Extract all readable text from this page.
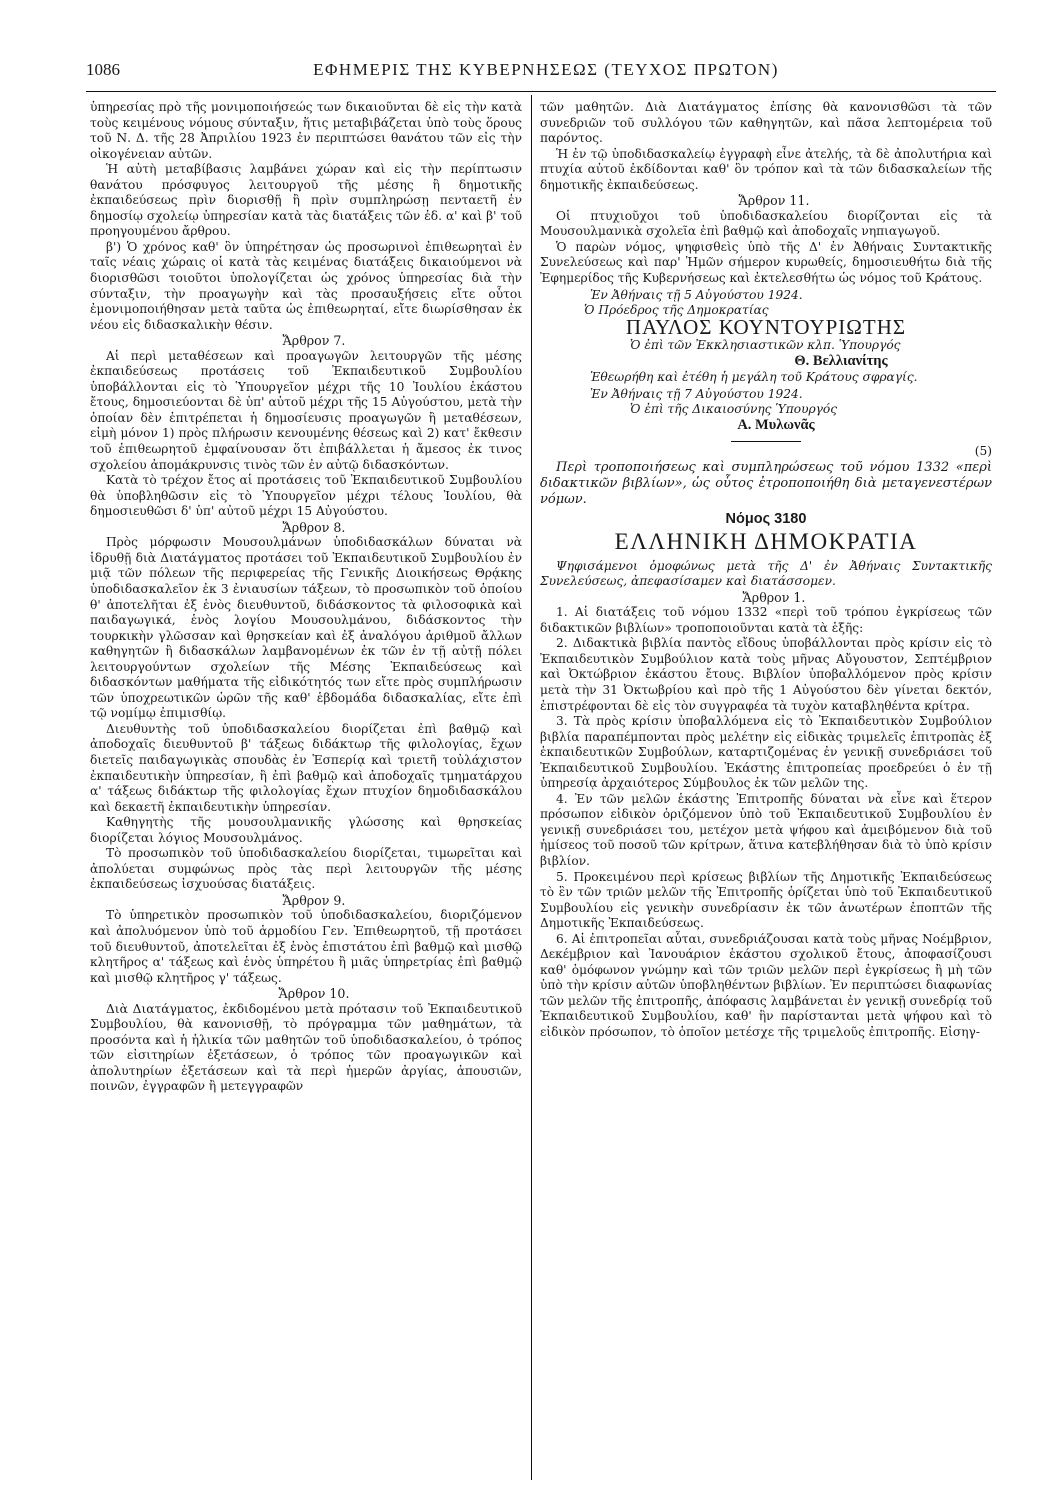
1086	ΕΦΗΜΕΡΙΣ ΤΗΣ ΚΥΒΕΡΝΗΣΕΩΣ (ΤΕΥΧΟΣ ΠΡΩΤΟΝ)

ὑπηρεσίας πρὸ τῆς μονιμοποιήσεώς των δικαιοῦνται δὲ εἰς τὴν κατὰ τοὺς κειμένους νόμους σύνταξιν, ἥτις μεταβιβάζεται ὑπὸ τοὺς ὅρους τοῦ Ν. Δ. τῆς 28 Ἀπριλίου 1923 ἐν περιπτώσει θανάτου τῶν εἰς τὴν οἰκογένειαν αὐτῶν.

Ἡ αὐτὴ μεταβίβασις λαμβάνει χώραν καὶ εἰς τὴν περίπτωσιν θανάτου πρόσφυγος λειτουργοῦ τῆς μέσης ἢ δημοτικῆς ἐκπαιδεύσεως πρὶν διορισθῇ ἢ πρὶν συμπληρώσῃ πενταετῆ ἐν δημοσίῳ σχολείῳ ὑπηρεσίαν κατὰ τὰς διατάξεις τῶν ἐδ. α' καὶ β' τοῦ προηγουμένου ἄρθρου.

β') Ὁ χρόνος καθ' ὃν ὑπηρέτησαν ὡς προσωρινοὶ ἐπιθεωρηταὶ ἐν ταῖς νέαις χώραις οἱ κατὰ τὰς κειμένας διατάξεις δικαιούμενοι νὰ διορισθῶσι τοιοῦτοι ὑπολογίζεται ὡς χρόνος ὑπηρεσίας διὰ τὴν σύνταξιν, τὴν προαγωγὴν καὶ τὰς προσαυξήσεις εἴτε οὗτοι ἐμονιμοποιήθησαν μετὰ ταῦτα ὡς ἐπιθεωρηταί, εἴτε διωρίσθησαν ἐκ νέου εἰς διδασκαλικὴν θέσιν.

Ἄρθρον 7.

Αἱ περὶ μεταθέσεων καὶ προαγωγῶν λειτουργῶν τῆς μέσης ἐκπαιδεύσεως προτάσεις τοῦ Ἐκπαιδευτικοῦ Συμβουλίου ὑποβάλλονται εἰς τὸ Ὑπουργεῖον μέχρι τῆς 10 Ἰουλίου ἑκάστου ἔτους, δημοσιεύονται δὲ ὑπ' αὐτοῦ μέχρι τῆς 15 Αὐγούστου, μετὰ τὴν ὁποίαν δὲν ἐπιτρέπεται ἡ δημοσίευσις προαγωγῶν ἢ μεταθέσεων, εἰμὴ μόνον 1) πρὸς πλήρωσιν κενουμένης θέσεως καὶ 2) κατ' ἔκθεσιν τοῦ ἐπιθεωρητοῦ ἐμφαίνουσαν ὅτι ἐπιβάλλεται ἡ ἄμεσος ἐκ τινος σχολείου ἀπομάκρυνσις τινὸς τῶν ἐν αὐτῷ διδασκόντων.

Κατὰ τὸ τρέχον ἔτος αἱ προτάσεις τοῦ Ἐκπαιδευτικοῦ Συμβουλίου θὰ ὑποβληθῶσιν εἰς τὸ Ὑπουργεῖον μέχρι τέλους Ἰουλίου, θὰ δημοσιευθῶσι δ' ὑπ' αὐτοῦ μέχρι 15 Αὐγούστου.

Ἄρθρον 8.

Πρὸς μόρφωσιν Μουσουλμάνων ὑποδιδασκάλων δύναται νὰ ἱδρυθῇ διὰ Διατάγματος προτάσει τοῦ Ἐκπαιδευτικοῦ Συμβουλίου ἐν μιᾷ τῶν πόλεων τῆς περιφερείας τῆς Γενικῆς Διοικήσεως Θρᾴκης ὑποδιδασκαλεῖον ἐκ 3 ἐνιαυσίων τάξεων, τὸ προσωπικὸν τοῦ ὁποίου θ' ἀποτελῆται ἐξ ἑνὸς διευθυντοῦ, διδάσκοντος τὰ φιλοσοφικὰ καὶ παιδαγωγικά, ἑνὸς λογίου Μουσουλμάνου, διδάσκοντος τὴν τουρκικὴν γλῶσσαν καὶ θρησκείαν καὶ ἐξ ἀναλόγου ἀριθμοῦ ἄλλων καθηγητῶν ἢ διδασκάλων λαμβανομένων ἐκ τῶν ἐν τῇ αὐτῇ πόλει λειτουργούντων σχολείων τῆς Μέσης Ἐκπαιδεύσεως καὶ διδασκόντων μαθήματα τῆς εἰδικότητός των εἴτε πρὸς συμπλήρωσιν τῶν ὑποχρεωτικῶν ὡρῶν τῆς καθ' ἑβδομάδα διδασκαλίας, εἴτε ἐπὶ τῷ νομίμῳ ἐπιμισθίῳ.

Διευθυντὴς τοῦ ὑποδιδασκαλείου διορίζεται ἐπὶ βαθμῷ καὶ ἀποδοχαῖς διευθυντοῦ β' τάξεως διδάκτωρ τῆς φιλολογίας, ἔχων διετεῖς παιδαγωγικὰς σπουδὰς ἐν Ἑσπερίᾳ καὶ τριετῆ τοὐλάχιστον ἐκπαιδευτικὴν ὑπηρεσίαν, ἢ ἐπὶ βαθμῷ καὶ ἀποδοχαῖς τμηματάρχου α' τάξεως διδάκτωρ τῆς φιλολογίας ἔχων πτυχίον δημοδιδασκάλου καὶ δεκαετῆ ἐκπαιδευτικὴν ὑπηρεσίαν.

Καθηγητὴς τῆς μουσουλμανικῆς γλώσσης καὶ θρησκείας διορίζεται λόγιος Μουσουλμάνος.

Τὸ προσωπικὸν τοῦ ὑποδιδασκαλείου διορίζεται, τιμωρεῖται καὶ ἀπολύεται συμφώνως πρὸς τὰς περὶ λειτουργῶν τῆς μέσης ἐκπαιδεύσεως ἰσχυούσας διατάξεις.

Ἄρθρον 9.

Τὸ ὑπηρετικὸν προσωπικὸν τοῦ ὑποδιδασκαλείου, διοριζόμενον καὶ ἀπολυόμενον ὑπὸ τοῦ ἁρμοδίου Γεν. Ἐπιθεωρητοῦ, τῇ προτάσει τοῦ διευθυντοῦ, ἀποτελεῖται ἐξ ἑνὸς ἐπιστάτου ἐπὶ βαθμῷ καὶ μισθῷ κλητῆρος α' τάξεως καὶ ἑνὸς ὑπηρέτου ἢ μιᾶς ὑπηρετρίας ἐπὶ βαθμῷ καὶ μισθῷ κλητῆρος γ' τάξεως.

Ἄρθρον 10.

Διὰ Διατάγματος, ἐκδιδομένου μετὰ πρότασιν τοῦ Ἐκπαιδευτικοῦ Συμβουλίου, θὰ κανονισθῇ, τὸ πρόγραμμα τῶν μαθημάτων, τὰ προσόντα καὶ ἡ ἡλικία τῶν μαθητῶν τοῦ ὑποδιδασκαλείου, ὁ τρόπος τῶν εἰσιτηρίων ἐξετάσεων, ὁ τρόπος τῶν προαγωγικῶν καὶ ἀπολυτηρίων ἐξετάσεων καὶ τὰ περὶ ἡμερῶν ἀργίας, ἀπουσιῶν, ποινῶν, ἐγγραφῶν ἢ μετεγγραφῶν

τῶν μαθητῶν. Διὰ Διατάγματος ἐπίσης θὰ κανονισθῶσι τὰ τῶν συνεδριῶν τοῦ συλλόγου τῶν καθηγητῶν, καὶ πᾶσα λεπτομέρεια τοῦ παρόντος.

Ἡ ἐν τῷ ὑποδιδασκαλείῳ ἐγγραφὴ εἶνε ἀτελής, τὰ δὲ ἀπολυτήρια καὶ πτυχία αὐτοῦ ἐκδίδονται καθ' ὃν τρόπον καὶ τὰ τῶν διδασκαλείων τῆς δημοτικῆς ἐκπαιδεύσεως.

Ἄρθρον 11.

Οἱ πτυχιοῦχοι τοῦ ὑποδιδασκαλείου διορίζονται εἰς τὰ Μουσουλμανικὰ σχολεῖα ἐπὶ βαθμῷ καὶ ἀποδοχαῖς νηπιαγωγοῦ.

Ὁ παρὼν νόμος, ψηφισθεὶς ὑπὸ τῆς Δ' ἐν Ἀθήναις Συντακτικῆς Συνελεύσεως καὶ παρ' Ἡμῶν σήμερον κυρωθείς, δημοσιευθήτω διὰ τῆς Ἐφημερίδος τῆς Κυβερνήσεως καὶ ἐκτελεσθήτω ὡς νόμος τοῦ Κράτους.

Ἐν Ἀθήναις τῇ 5 Αὐγούστου 1924.
Ὁ Πρόεδρος τῆς Δημοκρατίας
ΠΑΥΛΟΣ ΚΟΥΝΤΟΥΡΙΩΤΗΣ
Ὁ ἐπὶ τῶν Ἐκκλησιαστικῶν κλπ. Ὑπουργός
Θ. Βελλιανίτης
Ἐθεωρήθη καὶ ἐτέθη ἡ μεγάλη τοῦ Κράτους σφραγίς.
Ἐν Ἀθήναις τῇ 7 Αὐγούστου 1924.
Ὁ ἐπὶ τῆς Δικαιοσύνης Ὑπουργός
Α. Μυλωνᾶς

(5)

Περὶ τροποποιήσεως καὶ συμπληρώσεως τοῦ νόμου 1332 «περὶ διδακτικῶν βιβλίων», ὡς οὗτος ἐτροποποιήθη διὰ μεταγενεστέρων νόμων.

Νόμος 3180
ΕΛΛΗΝΙΚΗ ΔΗΜΟΚΡΑΤΙΑ

Ψηφισάμενοι ὁμοφώνως μετὰ τῆς Δ' ἐν Ἀθήναις Συντακτικῆς Συνελεύσεως, ἀπεφασίσαμεν καὶ διατάσσομεν.

Ἄρθρον 1.

1. Αἱ διατάξεις τοῦ νόμου 1332 «περὶ τοῦ τρόπου ἐγκρίσεως τῶν διδακτικῶν βιβλίων» τροποποιοῦνται κατὰ τὰ ἑξῆς:

2. Διδακτικὰ βιβλία παντὸς εἴδους ὑποβάλλονται πρὸς κρίσιν εἰς τὸ Ἐκπαιδευτικὸν Συμβούλιον κατὰ τοὺς μῆνας Αὔγουστον, Σεπτέμβριον καὶ Ὀκτώβριον ἑκάστου ἔτους. Βιβλίον ὑποβαλλόμενον πρὸς κρίσιν μετὰ τὴν 31 Ὀκτωβρίου καὶ πρὸ τῆς 1 Αὐγούστου δὲν γίνεται δεκτόν, ἐπιστρέφονται δὲ εἰς τὸν συγγραφέα τὰ τυχὸν καταβληθέντα κρίτρα.

3. Τὰ πρὸς κρίσιν ὑποβαλλόμενα εἰς τὸ Ἐκπαιδευτικὸν Συμβούλιον βιβλία παραπέμπονται πρὸς μελέτην εἰς εἰδικὰς τριμελεῖς ἐπιτροπὰς ἐξ ἐκπαιδευτικῶν Συμβούλων, καταρτιζομένας ἐν γενικῇ συνεδριάσει τοῦ Ἐκπαιδευτικοῦ Συμβουλίου. Ἑκάστης ἐπιτροπείας προεδρεύει ὁ ἐν τῇ ὑπηρεσίᾳ ἀρχαιότερος Σύμβουλος ἐκ τῶν μελῶν της.

4. Ἐν τῶν μελῶν ἑκάστης Ἐπιτροπῆς δύναται νὰ εἶνε καὶ ἕτερον πρόσωπον εἰδικὸν ὁριζόμενον ὑπὸ τοῦ Ἐκπαιδευτικοῦ Συμβουλίου ἐν γενικῇ συνεδριάσει του, μετέχον μετὰ ψήφου καὶ ἀμειβόμενον διὰ τοῦ ἡμίσεος τοῦ ποσοῦ τῶν κρίτρων, ἅτινα κατεβλήθησαν διὰ τὸ ὑπὸ κρίσιν βιβλίον.

5. Προκειμένου περὶ κρίσεως βιβλίων τῆς Δημοτικῆς Ἐκπαιδεύσεως τὸ ἓν τῶν τριῶν μελῶν τῆς Ἐπιτροπῆς ὁρίζεται ὑπὸ τοῦ Ἐκπαιδευτικοῦ Συμβουλίου εἰς γενικὴν συνεδρίασιν ἐκ τῶν ἀνωτέρων ἐποπτῶν τῆς Δημοτικῆς Ἐκπαιδεύσεως.

6. Αἱ ἐπιτροπεῖαι αὗται, συνεδριάζουσαι κατὰ τοὺς μῆνας Νοέμβριον, Δεκέμβριον καὶ Ἰανουάριον ἑκάστου σχολικοῦ ἔτους, ἀποφασίζουσι καθ' ὁμόφωνον γνώμην καὶ τῶν τριῶν μελῶν περὶ ἐγκρίσεως ἢ μὴ τῶν ὑπὸ τὴν κρίσιν αὐτῶν ὑποβληθέντων βιβλίων. Ἐν περιπτώσει διαφωνίας τῶν μελῶν τῆς ἐπιτροπῆς, ἀπόφασις λαμβάνεται ἐν γενικῇ συνεδρίᾳ τοῦ Ἐκπαιδευτικοῦ Συμβουλίου, καθ' ἣν παρίστανται μετὰ ψήφου καὶ τὸ εἰδικὸν πρόσωπον, τὸ ὁποῖον μετέσχε τῆς τριμελοῦς ἐπιτροπῆς. Εἰσηγ-
